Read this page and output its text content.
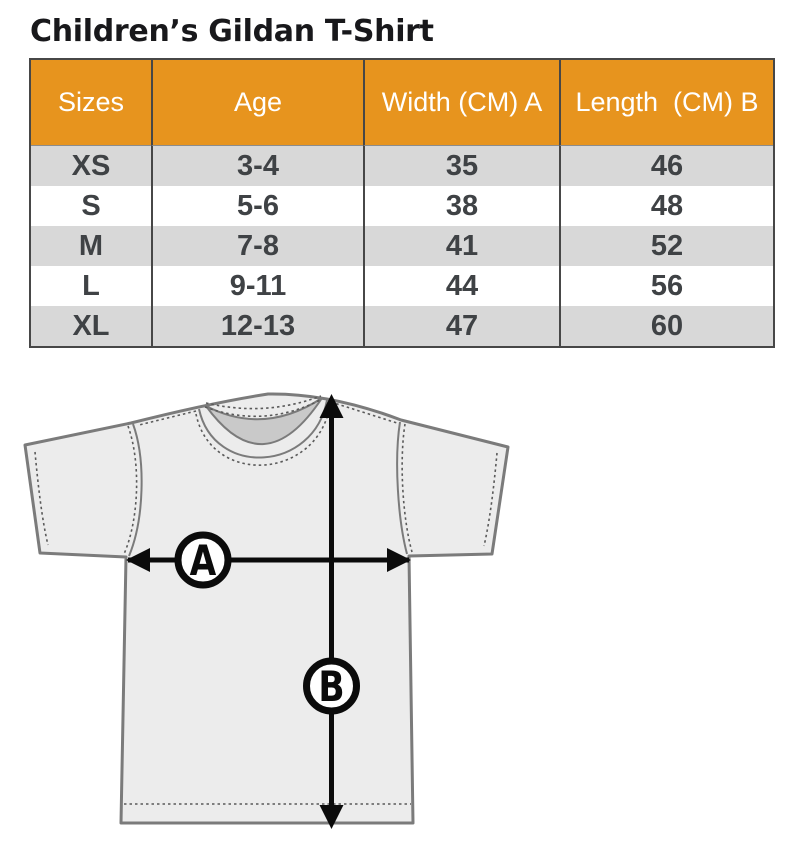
Children’s Gildan T-Shirt
Sizes	Age	Width (CM) A	Length  (CM) B
XS	3-4	35	46
S	5-6	38	48
M	7-8	41	52
L	9-11	44	56
XL	12-13	47	60
A
B
